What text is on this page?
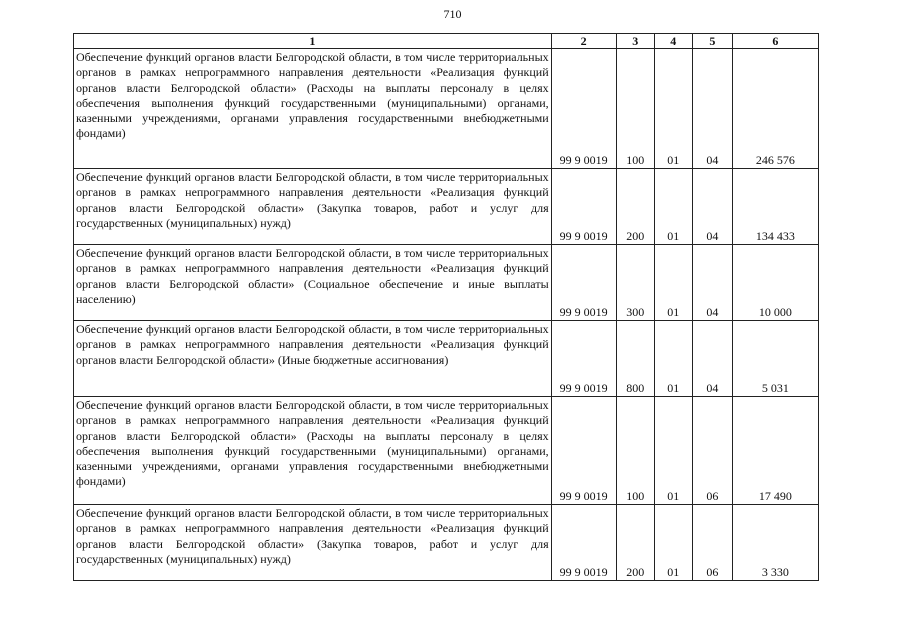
710
1	2	3	4	5	6
Обеспечение функций органов власти Белгородской области, в том числе территориальных органов в рамках непрограммного направления деятельности «Реализация функций органов власти Белгородской области» (Расходы на выплаты персоналу в целях обеспечения выполнения функций государственными (муниципальными) органами, казенными учреждениями, органами управления государственными внебюджетными фондами)	99 9 0019	100	01	04	246 576
Обеспечение функций органов власти Белгородской области, в том числе территориальных органов в рамках непрограммного направления деятельности «Реализация функций органов власти Белгородской области» (Закупка товаров, работ и услуг для государственных (муниципальных) нужд)	99 9 0019	200	01	04	134 433
Обеспечение функций органов власти Белгородской области, в том числе территориальных органов в рамках непрограммного направления деятельности «Реализация функций органов власти Белгородской области» (Социальное обеспечение и иные выплаты населению)	99 9 0019	300	01	04	10 000
Обеспечение функций органов власти Белгородской области, в том числе территориальных органов в рамках непрограммного направления деятельности «Реализация функций органов власти Белгородской области» (Иные бюджетные ассигнования)	99 9 0019	800	01	04	5 031
Обеспечение функций органов власти Белгородской области, в том числе территориальных органов в рамках непрограммного направления деятельности «Реализация функций органов власти Белгородской области» (Расходы на выплаты персоналу в целях обеспечения выполнения функций государственными (муниципальными) органами, казенными учреждениями, органами управления государственными внебюджетными фондами)	99 9 0019	100	01	06	17 490
Обеспечение функций органов власти Белгородской области, в том числе территориальных органов в рамках непрограммного направления деятельности «Реализация функций органов власти Белгородской области» (Закупка товаров, работ и услуг для государственных (муниципальных) нужд)	99 9 0019	200	01	06	3 330
